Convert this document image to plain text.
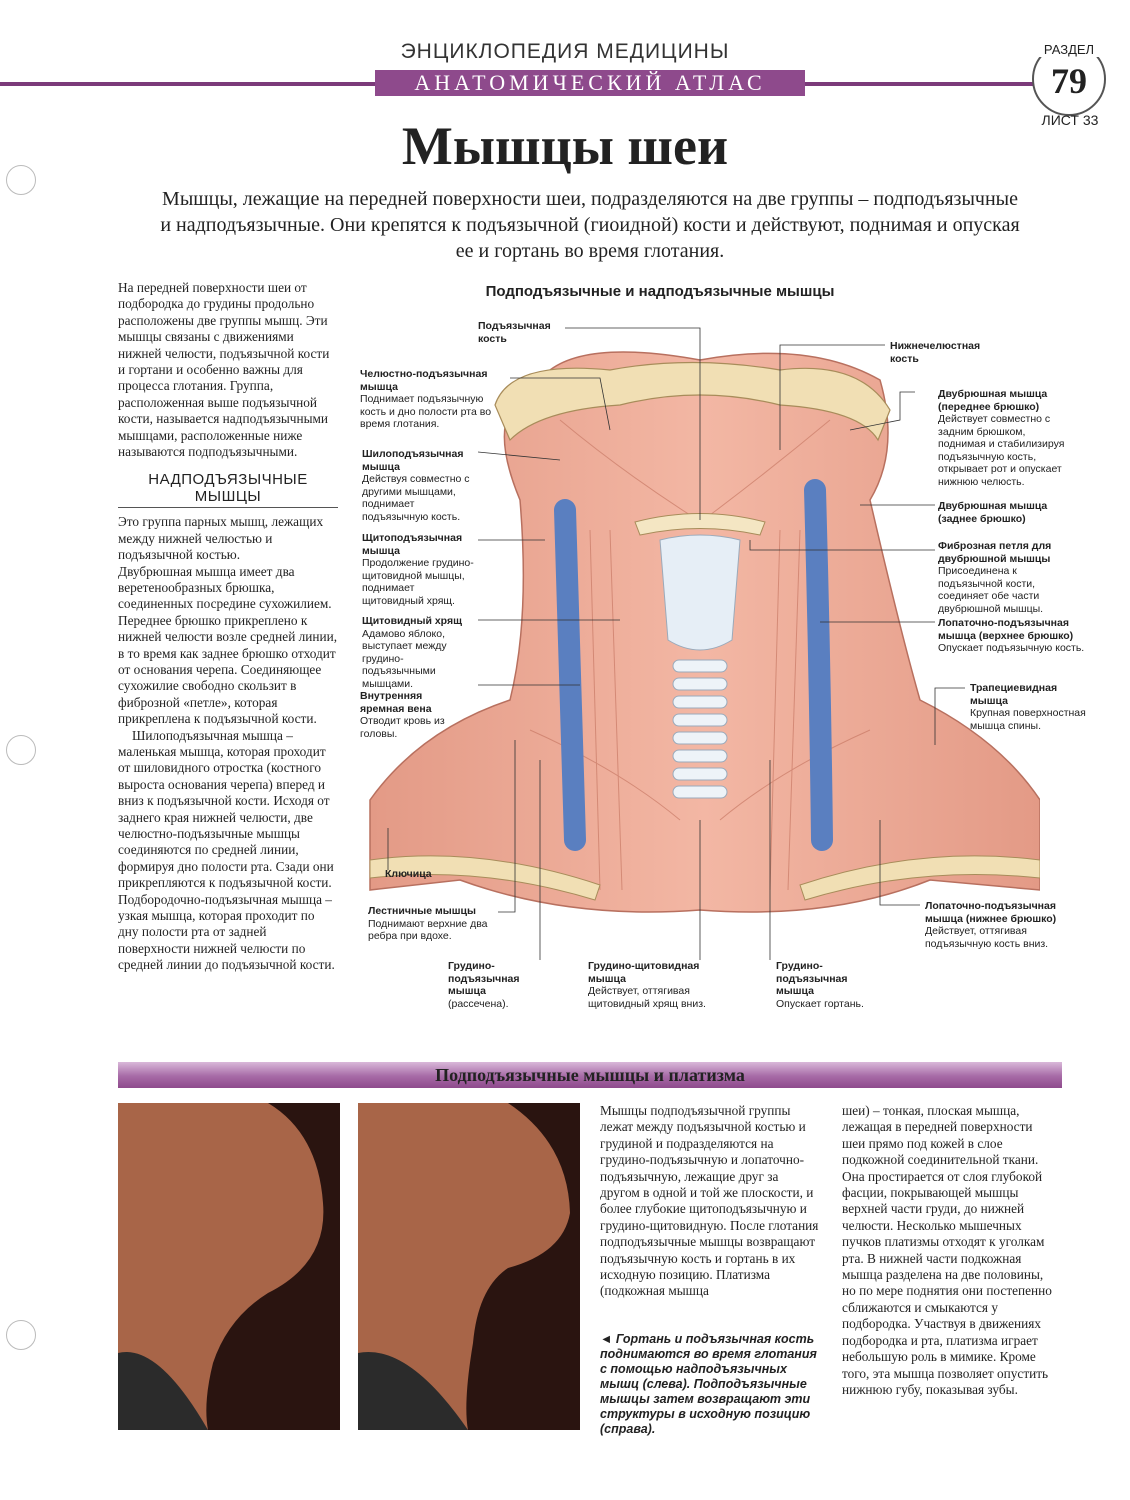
ЭНЦИКЛОПЕДИЯ МЕДИЦИНЫ
АНАТОМИЧЕСКИЙ АТЛАС
РАЗДЕЛ
79
ЛИСТ 33
Мышцы шеи
Мышцы, лежащие на передней поверхности шеи, подразделяются на две группы – подподъязычные и надподъязычные. Они крепятся к подъязычной (гиоидной) кости и действуют, поднимая и опуская ее и гортань во время глотания.

На передней поверхности шеи от подбородка до грудины продольно расположены две группы мышц. Эти мышцы связаны с движениями нижней челюсти, подъязычной кости и гортани и особенно важны для процесса глотания. Группа, расположенная выше подъязычной кости, называется надподъязычными мышцами, расположенные ниже называются подподъязычными.

НАДПОДЪЯЗЫЧНЫЕ МЫШЦЫ

Это группа парных мышц, лежащих между нижней челюстью и подъязычной костью.

Двубрюшная мышца имеет два веретенообразных брюшка, соединенных посредине сухожилием. Переднее брюшко прикреплено к нижней челюсти возле средней линии, в то время как заднее брюшко отходит от основания черепа. Соединяющее сухожилие свободно скользит в фиброзной «петле», которая прикреплена к подъязычной кости.

Шилоподъязычная мышца – маленькая мышца, которая проходит от шиловидного отростка (костного выроста основания черепа) вперед и вниз к подъязычной кости. Исходя от заднего края нижней челюсти, две челюстно-подъязычные мышцы соединяются по средней линии, формируя дно полости рта. Сзади они прикрепляются к подъязычной кости. Подбородочно-подъязычная мышца – узкая мышца, которая проходит по дну полости рта от задней поверхности нижней челюсти по средней линии до подъязычной кости.

Подподъязычные и надподъязычные мышцы
Подъязычная кость
Челюстно-подъязычная мышца
Поднимает подъязычную кость и дно полости рта во время глотания.
Шилоподъязычная мышца
Действуя совместно с другими мышцами, поднимает подъязычную кость.
Щитоподъязычная мышца
Продолжение грудино-щитовидной мышцы, поднимает щитовидный хрящ.
Щитовидный хрящ
Адамово яблоко, выступает между грудино-подъязычными мышцами.
Внутренняя яремная вена
Отводит кровь из головы.
Ключица
Лестничные мышцы
Поднимают верхние два ребра при вдохе.
Грудино-подъязычная мышца
(рассечена).
Грудино-щитовидная мышца
Действует, оттягивая щитовидный хрящ вниз.
Грудино-подъязычная мышца
Опускает гортань.
Нижнечелюстная кость
Двубрюшная мышца (переднее брюшко)
Действует совместно с задним брюшком, поднимая и стабилизируя подъязычную кость, открывает рот и опускает нижнюю челюсть.
Двубрюшная мышца (заднее брюшко)
Фиброзная петля для двубрюшной мышцы
Присоединена к подъязычной кости, соединяет обе части двубрюшной мышцы.
Лопаточно-подъязычная мышца (верхнее брюшко)
Опускает подъязычную кость.
Трапециевидная мышца
Крупная поверхностная мышца спины.
Лопаточно-подъязычная мышца (нижнее брюшко)
Действует, оттягивая подъязычную кость вниз.
Подподъязычные мышцы и платизма

Мышцы подподъязычной группы лежат между подъязычной костью и грудиной и подразделяются на грудино-подъязычную и лопаточно-подъязычную, лежащие друг за другом в одной и той же плоскости, и более глубокие щитоподъязычную и грудино-щитовидную. После глотания подподъязычные мышцы возвращают подъязычную кость и гортань в их исходную позицию. Платизма (подкожная мышца

◄ Гортань и подъязычная кость поднимаются во время глотания с помощью надподъязычных мышц (слева). Подподъязычные мышцы затем возвращают эти структуры в исходную позицию (справа).

шеи) – тонкая, плоская мышца, лежащая в передней поверхности шеи прямо под кожей в слое подкожной соединительной ткани. Она простирается от слоя глубокой фасции, покрывающей мышцы верхней части груди, до нижней челюсти. Несколько мышечных пучков платизмы отходят к уголкам рта. В нижней части подкожная мышца разделена на две половины, но по мере поднятия они постепенно сближаются и смыкаются у подбородка. Участвуя в движениях подбородка и рта, платизма играет небольшую роль в мимике. Кроме того, эта мышца позволяет опустить нижнюю губу, показывая зубы.
